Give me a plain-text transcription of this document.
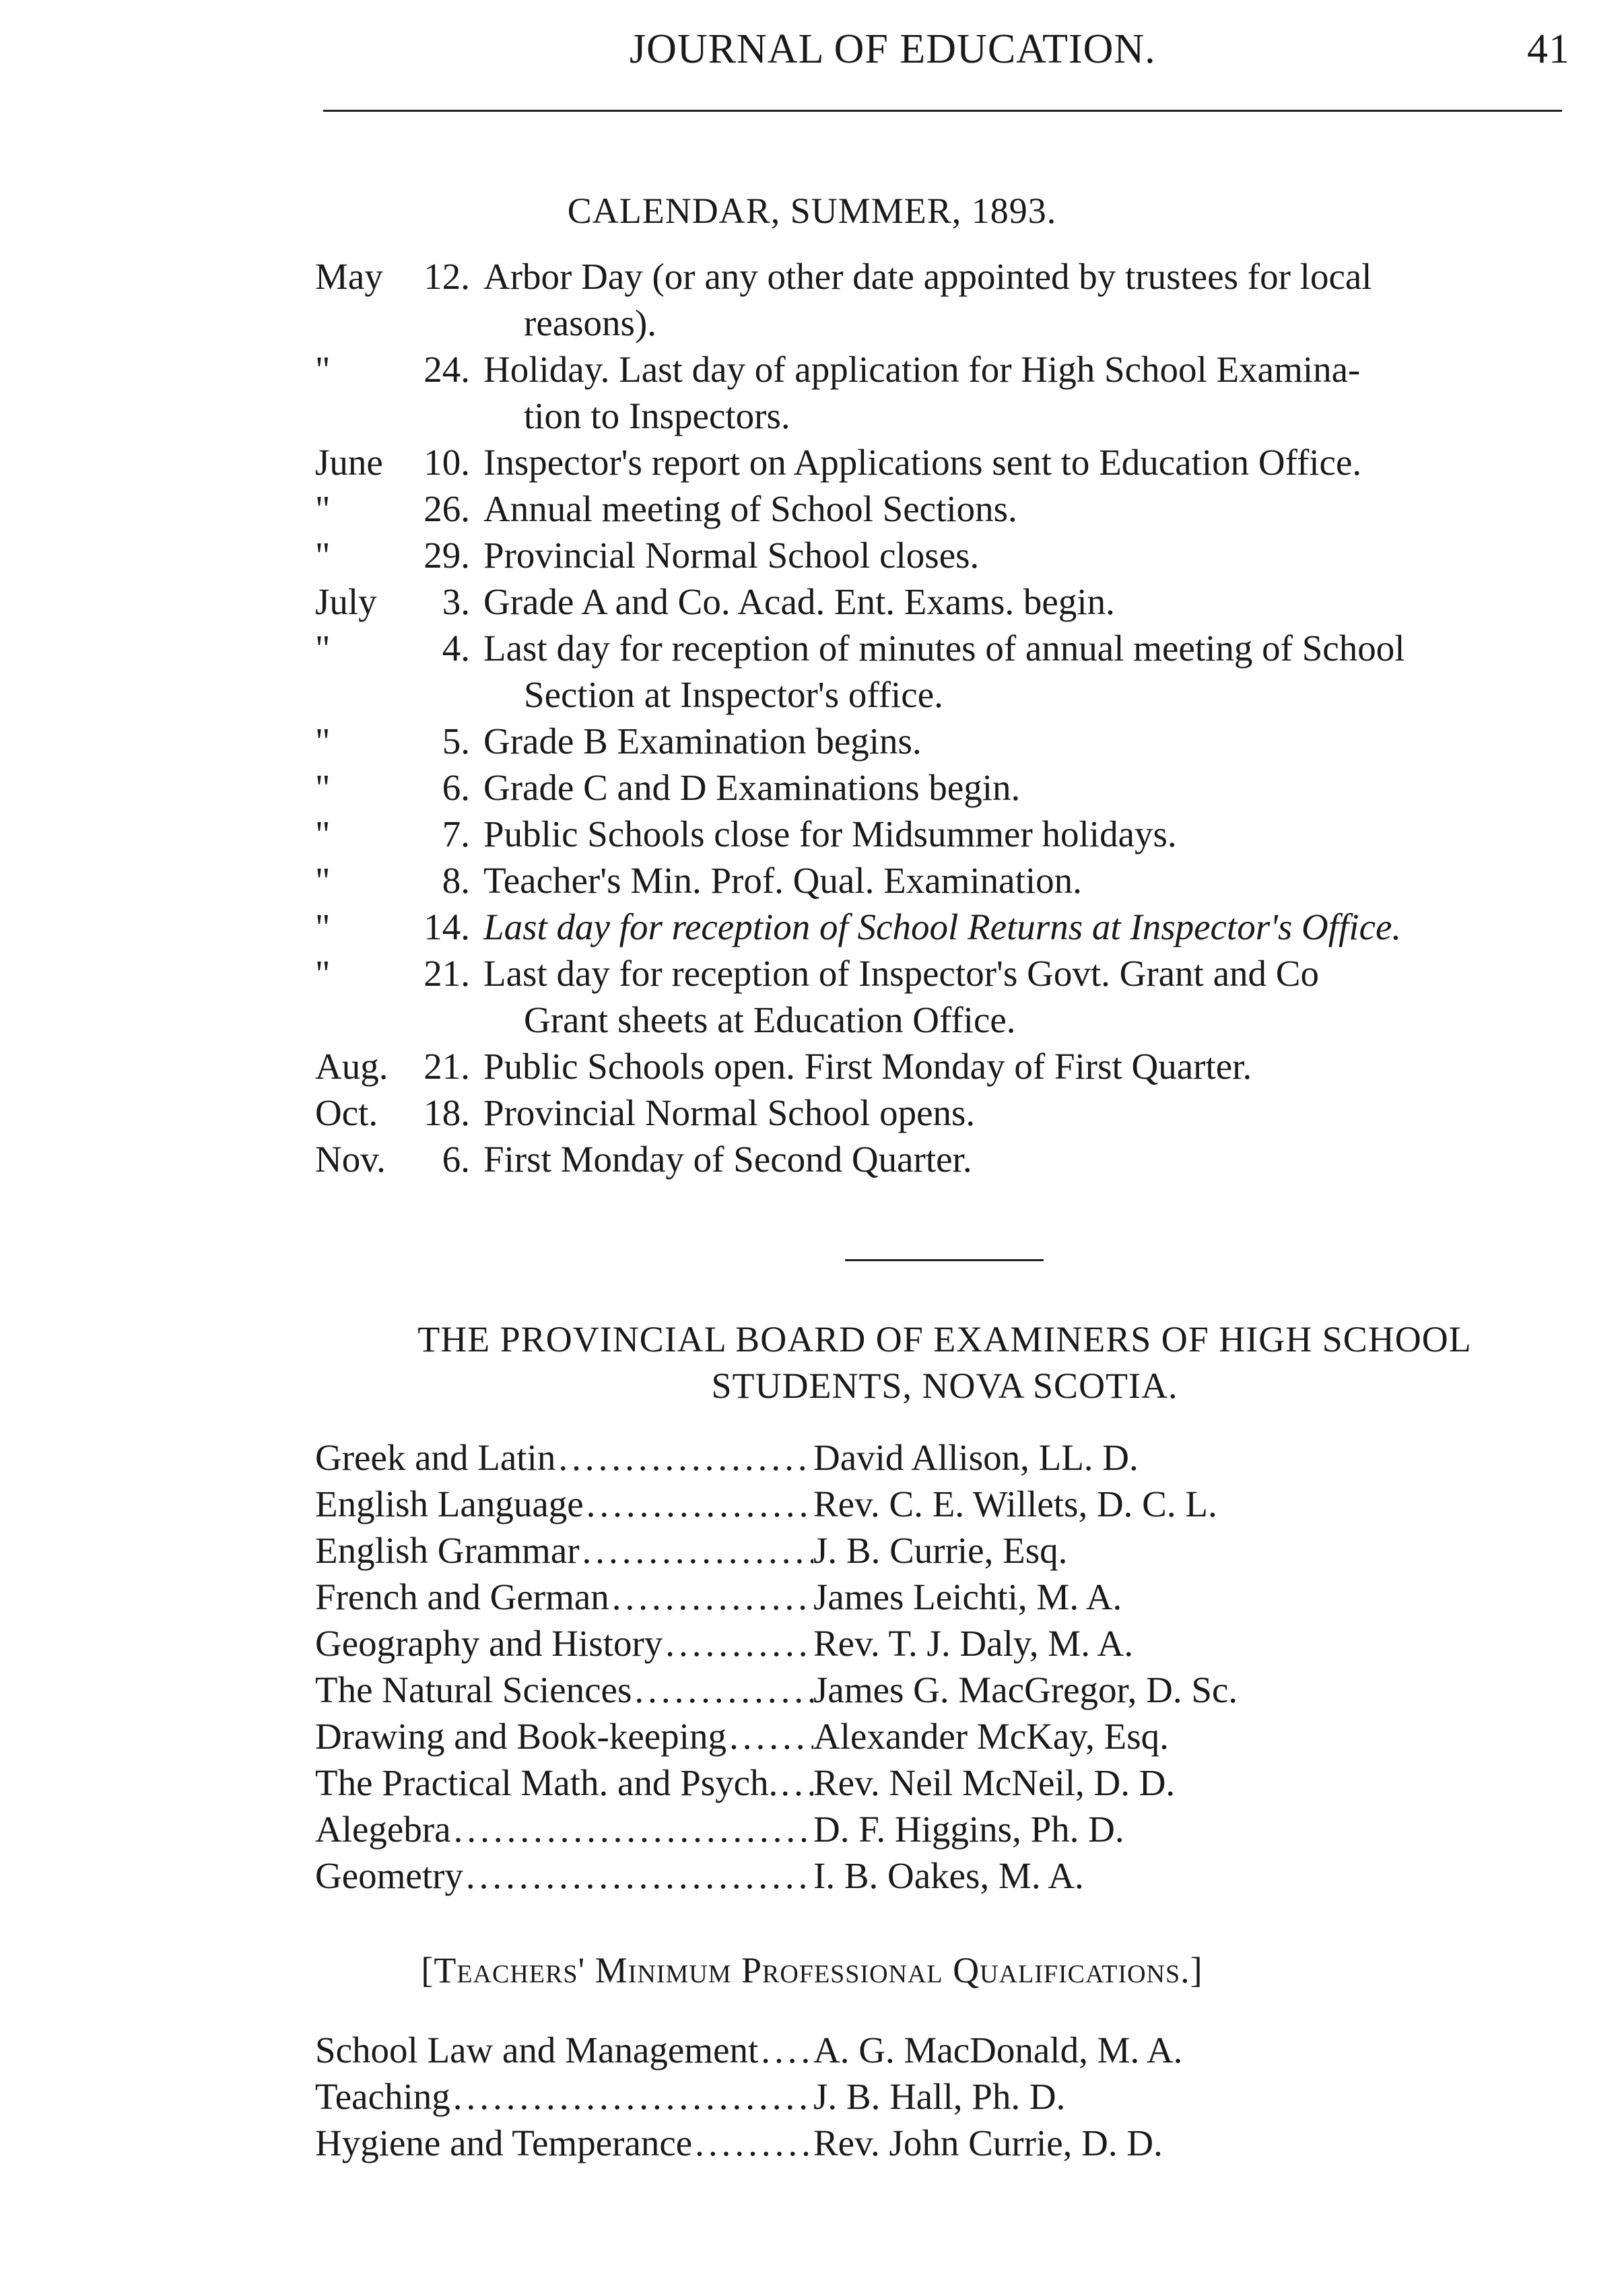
JOURNAL OF EDUCATION.	41
CALENDAR, SUMMER, 1893.
May	12. Arbor Day (or any other date appointed by trustees for local
reasons).
"	24. Holiday. Last day of application for High School Examina-
tion to Inspectors.
June	10. Inspector's report on Applications sent to Education Office.
"	26. Annual meeting of School Sections.
"	29. Provincial Normal School closes.
July	3. Grade A and Co. Acad. Ent. Exams. begin.
"	4. Last day for reception of minutes of annual meeting of School
Section at Inspector's office.
"	5. Grade B Examination begins.
"	6. Grade C and D Examinations begin.
"	7. Public Schools close for Midsummer holidays.
"	8. Teacher's Min. Prof. Qual. Examination.
"	14. Last day for reception of School Returns at Inspector's Office.
"	21. Last day for reception of Inspector's Govt. Grant and Co
Grant sheets at Education Office.
Aug. 21. Public Schools open. First Monday of First Quarter.
Oct.	18. Provincial Normal School opens.
Nov.	6. First Monday of Second Quarter.
THE PROVINCIAL BOARD OF EXAMINERS OF HIGH SCHOOL
STUDENTS, NOVA SCOTIA.
Greek and Latin .....	David Allison, LL. D.
English Language .....	Rev. C. E. Willets, D. C. L.
English Grammar .....	J. B. Currie, Esq.
French and German .....	James Leichti, M. A.
Geography and History .....	Rev. T. J. Daly, M. A.
The Natural Sciences .....	James G. MacGregor, D. Sc.
Drawing and Book-keeping ..... Alexander McKay, Esq.
The Practical Math. and Psych. ..... Rev. Neil McNeil, D. D.
Alegebra .....	D. F. Higgins, Ph. D.
Geometry .....	I. B. Oakes, M. A.
[Teachers' Minimum Professional Qualifications.]
School Law and Management ..... A. G. MacDonald, M. A.
Teaching .....	J. B. Hall, Ph. D.
Hygiene and Temperance .....	Rev. John Currie, D. D.
